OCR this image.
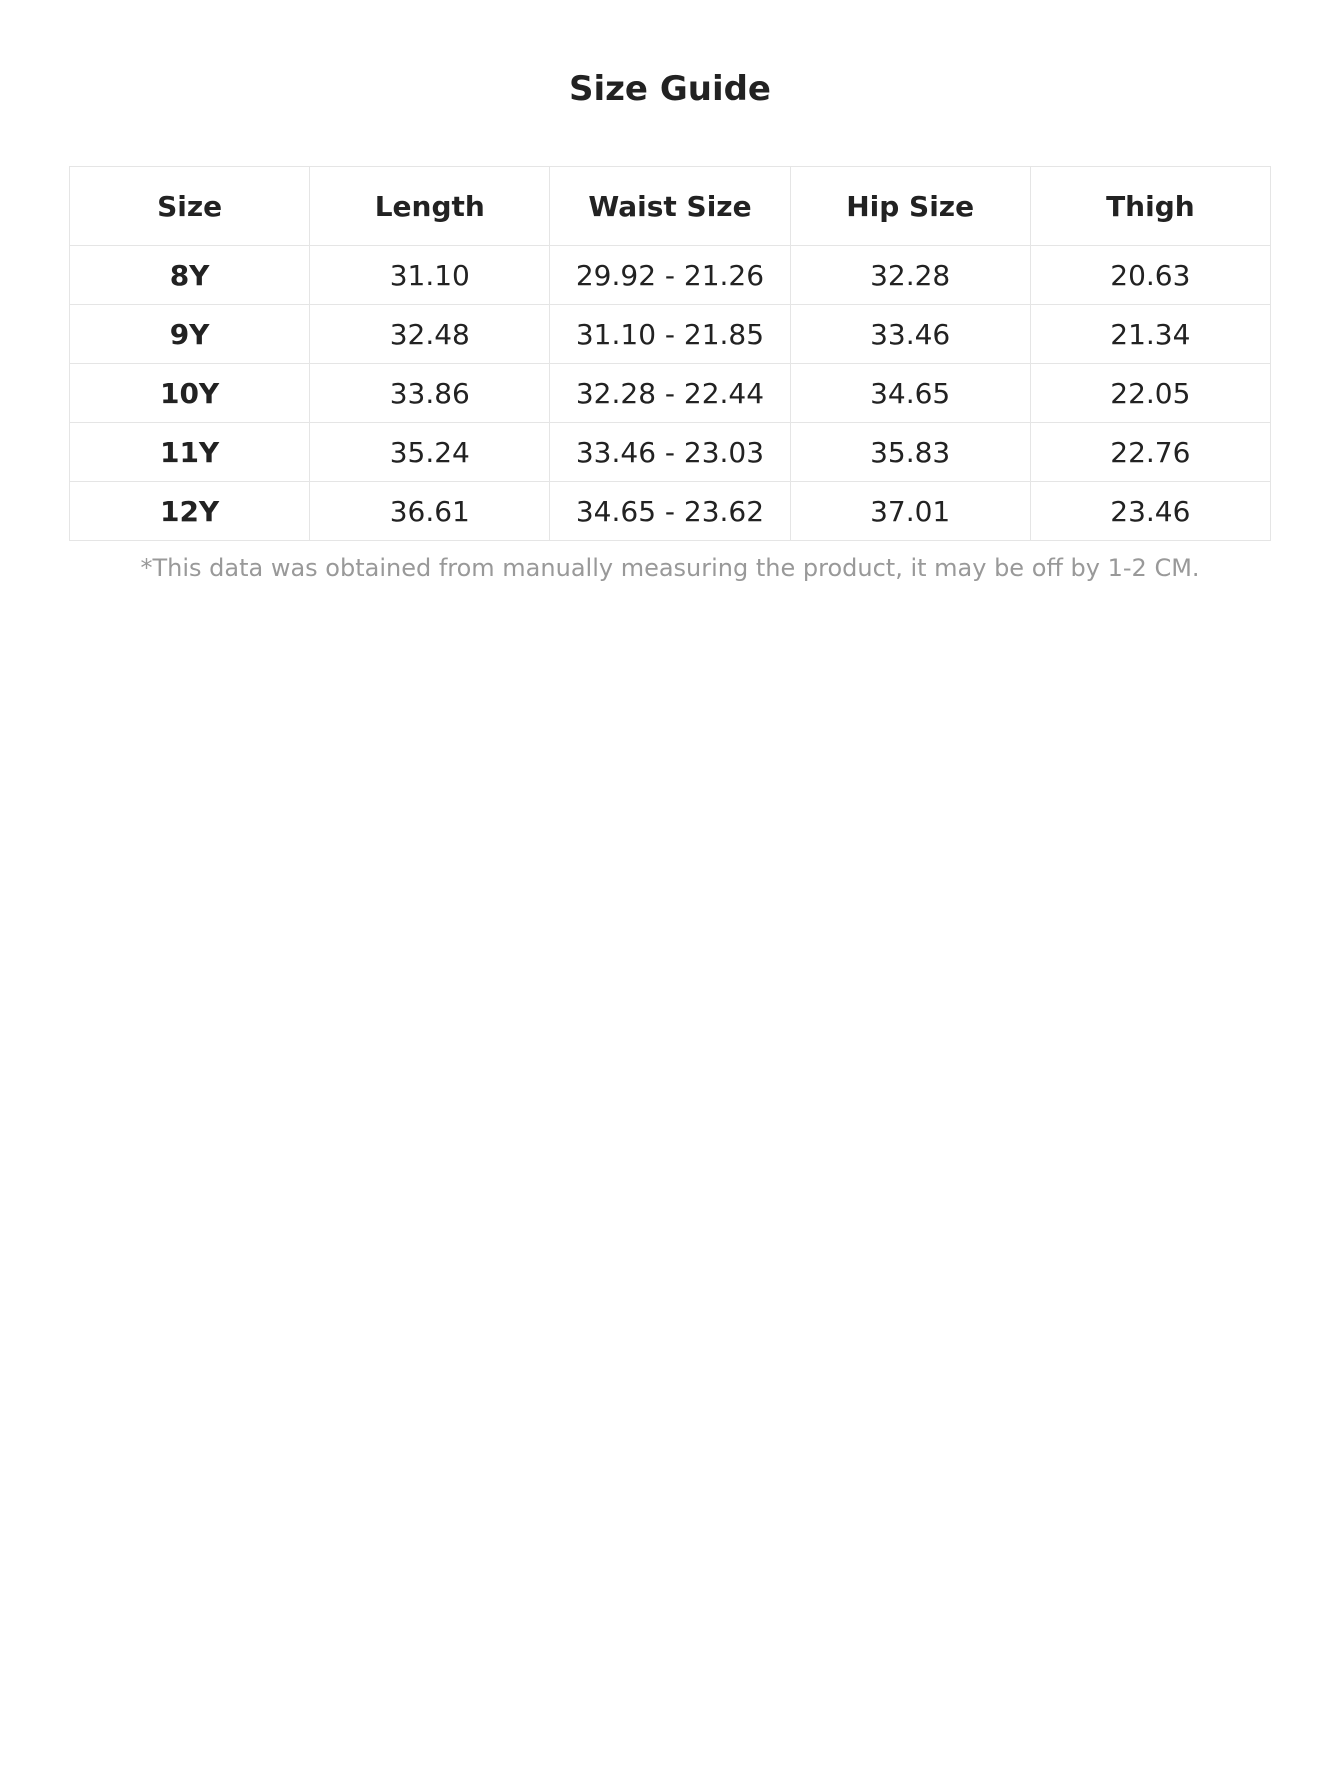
Size Guide
Size	Length	Waist Size	Hip Size	Thigh
8Y	31.10	29.92 - 21.26	32.28	20.63
9Y	32.48	31.10 - 21.85	33.46	21.34
10Y	33.86	32.28 - 22.44	34.65	22.05
11Y	35.24	33.46 - 23.03	35.83	22.76
12Y	36.61	34.65 - 23.62	37.01	23.46

*This data was obtained from manually measuring the product, it may be off by 1-2 CM.
